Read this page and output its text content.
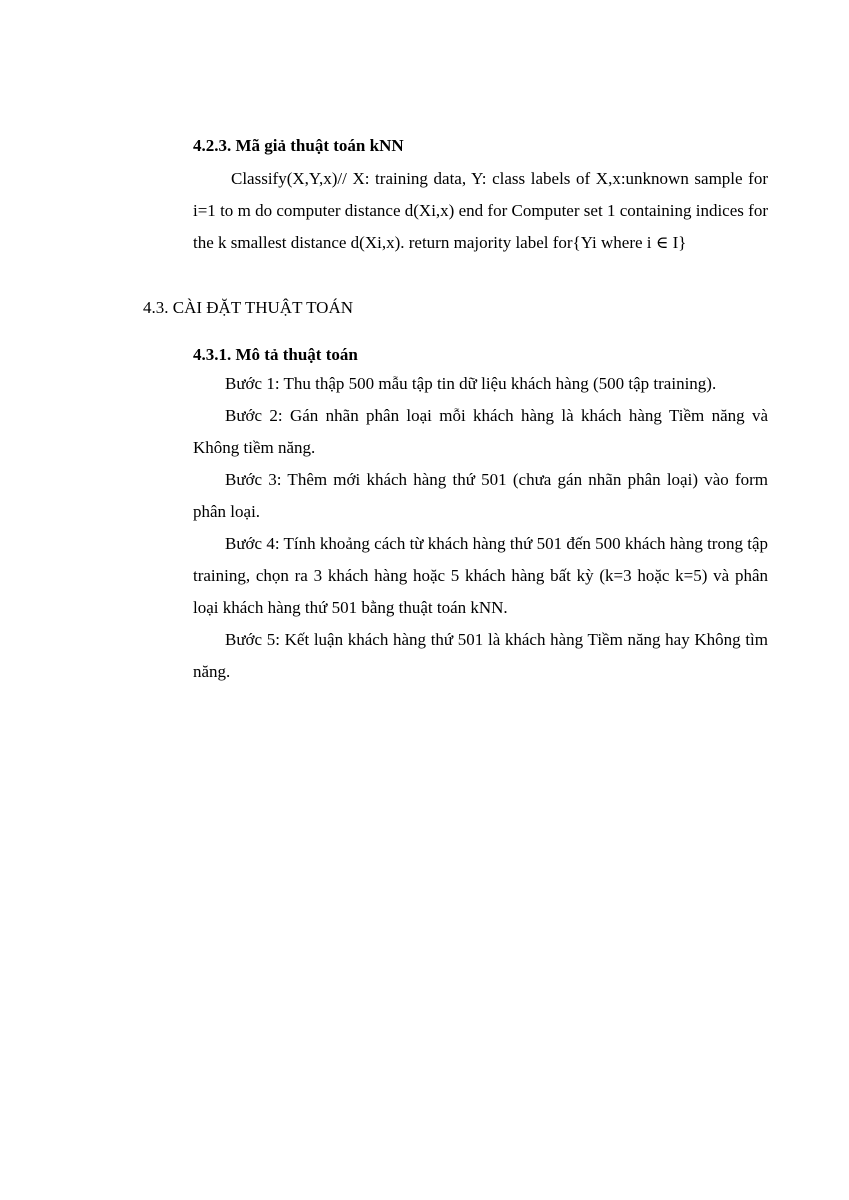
4.2.3. Mã giả thuật toán kNN

Classify(X,Y,x)// X: training data, Y: class labels of X,x:unknown sample for i=1 to m do computer distance d(Xi,x) end for Computer set 1 containing indices for the k smallest distance d(Xi,x). return majority label for{Yi where i ∈ I}

4.3. CÀI ĐẶT THUẬT TOÁN
4.3.1. Mô tả thuật toán

Bước 1: Thu thập 500 mẫu tập tin dữ liệu khách hàng (500 tập training).

Bước 2: Gán nhãn phân loại mỗi khách hàng là khách hàng Tiềm năng và Không tiềm năng.

Bước 3: Thêm mới khách hàng thứ 501 (chưa gán nhãn phân loại) vào form phân loại.

Bước 4: Tính khoảng cách từ khách hàng thứ 501 đến 500 khách hàng trong tập training, chọn ra 3 khách hàng hoặc 5 khách hàng bất kỳ (k=3 hoặc k=5) và phân loại khách hàng thứ 501 bằng thuật toán kNN.

Bước 5: Kết luận khách hàng thứ 501 là khách hàng Tiềm năng hay Không tìm năng.
